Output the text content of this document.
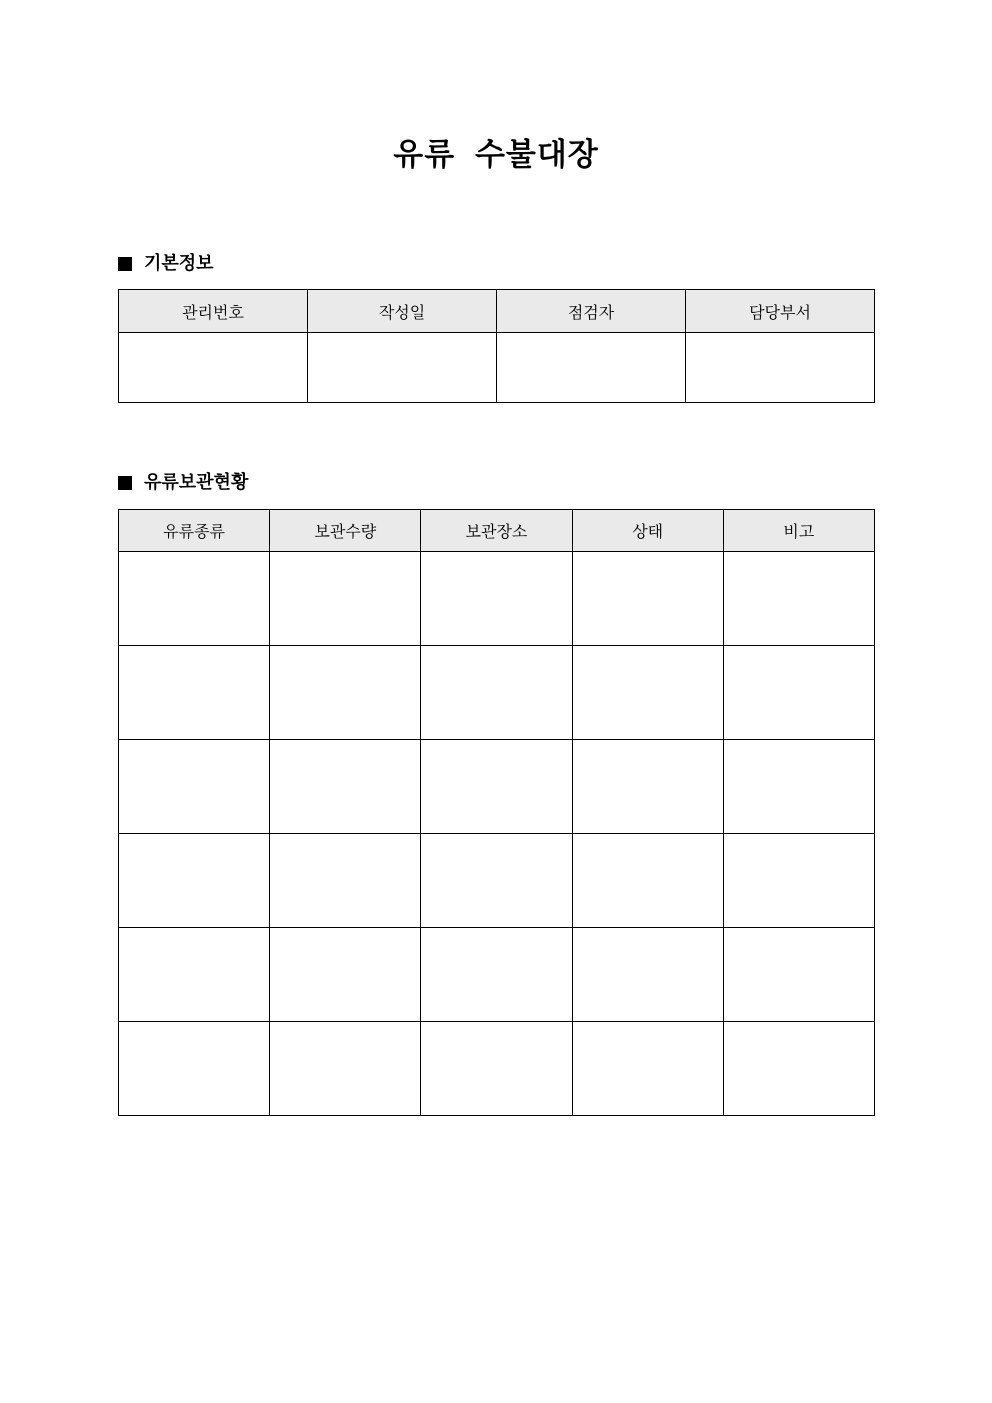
유류 수불대장
기본정보
관리번호	작성일	점검자	담당부서

유류보관현황
유류종류	보관수량	보관장소	상태	비고
